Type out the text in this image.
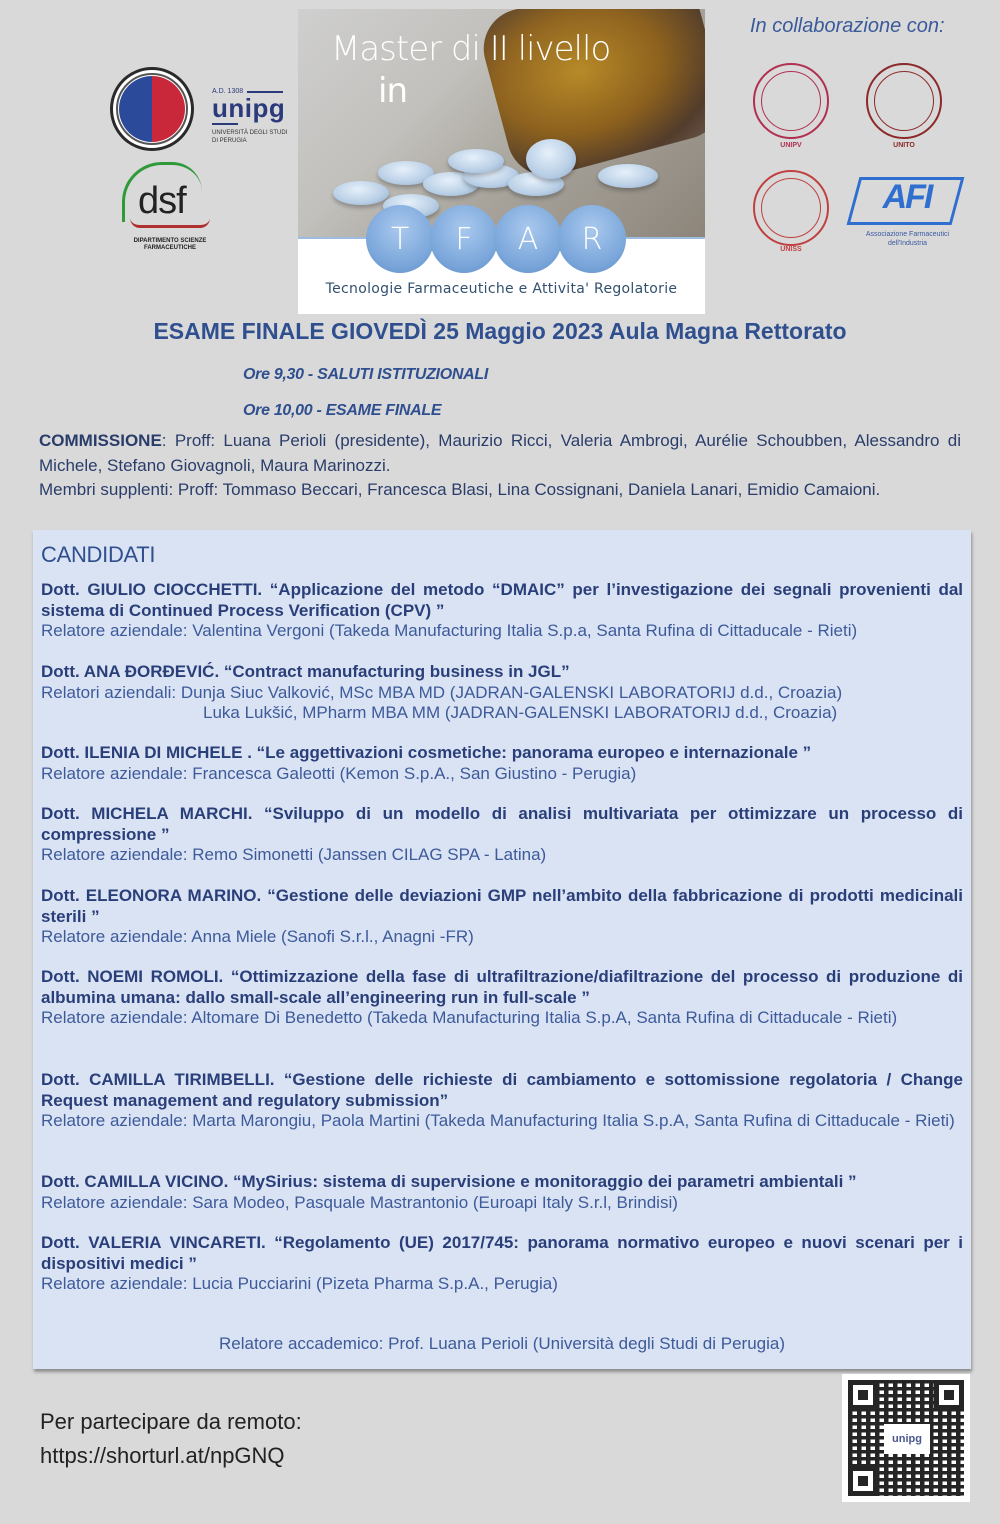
A.D. 1308
unipg
UNIVERSITÀ DEGLI STUDI DI PERUGIA
dsf
DIPARTIMENTO SCIENZE FARMACEUTICHE
Master di II livello
in
T	F	A	R
Tecnologie Farmaceutiche e Attivita' Regolatorie
In collaborazione con:
UNIPV	UNITO
UNISS
AFI
Associazione Farmaceutici dell'Industria
ESAME FINALE GIOVEDÌ 25 Maggio 2023 Aula Magna Rettorato
Ore 9,30 - SALUTI ISTITUZIONALI
Ore 10,00 - ESAME FINALE
COMMISSIONE: Proff: Luana Perioli (presidente), Maurizio Ricci, Valeria Ambrogi, Aurélie Schoubben, Alessandro di Michele, Stefano Giovagnoli, Maura Marinozzi.
Membri supplenti: Proff: Tommaso Beccari, Francesca Blasi, Lina Cossignani, Daniela Lanari, Emidio Camaioni.
CANDIDATI
Dott. GIULIO CIOCCHETTI. “Applicazione del metodo “DMAIC” per l’investigazione dei segnali provenienti dal sistema di Continued Process Verification (CPV) ”
Relatore aziendale: Valentina Vergoni (Takeda Manufacturing Italia S.p.a, Santa Rufina di Cittaducale - Rieti)
Dott. ANA ĐORĐEVIĆ. “Contract manufacturing business in JGL”
Relatori aziendali: Dunja Siuc Valković, MSc MBA MD (JADRAN-GALENSKI LABORATORIJ d.d., Croazia)
Luka Lukšić, MPharm MBA MM (JADRAN-GALENSKI LABORATORIJ d.d., Croazia)
Dott. ILENIA DI MICHELE . “Le aggettivazioni cosmetiche: panorama europeo e internazionale ”
Relatore aziendale: Francesca Galeotti (Kemon S.p.A., San Giustino - Perugia)
Dott. MICHELA MARCHI. “Sviluppo di un modello di analisi multivariata per ottimizzare un processo di compressione ”
Relatore aziendale: Remo Simonetti (Janssen CILAG SPA - Latina)
Dott. ELEONORA MARINO. “Gestione delle deviazioni GMP nell’ambito della fabbricazione di prodotti medicinali sterili ”
Relatore aziendale: Anna Miele (Sanofi S.r.l., Anagni -FR)
Dott. NOEMI ROMOLI. “Ottimizzazione della fase di ultrafiltrazione/diafiltrazione del processo di produzione di albumina umana: dallo small-scale all’engineering run in full-scale ”
Relatore aziendale: Altomare Di Benedetto (Takeda Manufacturing Italia S.p.A, Santa Rufina di Cittaducale - Rieti)
Dott. CAMILLA TIRIMBELLI. “Gestione delle richieste di cambiamento e sottomissione regolatoria / Change Request management and regulatory submission”
Relatore aziendale: Marta Marongiu, Paola Martini (Takeda Manufacturing Italia S.p.A, Santa Rufina di Cittaducale - Rieti)
Dott. CAMILLA VICINO. “MySirius: sistema di supervisione e monitoraggio dei parametri ambientali ”
Relatore aziendale: Sara Modeo, Pasquale Mastrantonio (Euroapi Italy S.r.l, Brindisi)
Dott. VALERIA VINCARETI. “Regolamento (UE) 2017/745: panorama normativo europeo e nuovi scenari per i dispositivi medici ”
Relatore aziendale: Lucia Pucciarini (Pizeta Pharma S.p.A., Perugia)
Relatore accademico: Prof. Luana Perioli (Università degli Studi di Perugia)
Per partecipare da remoto:
https://shorturl.at/npGNQ
unipg
